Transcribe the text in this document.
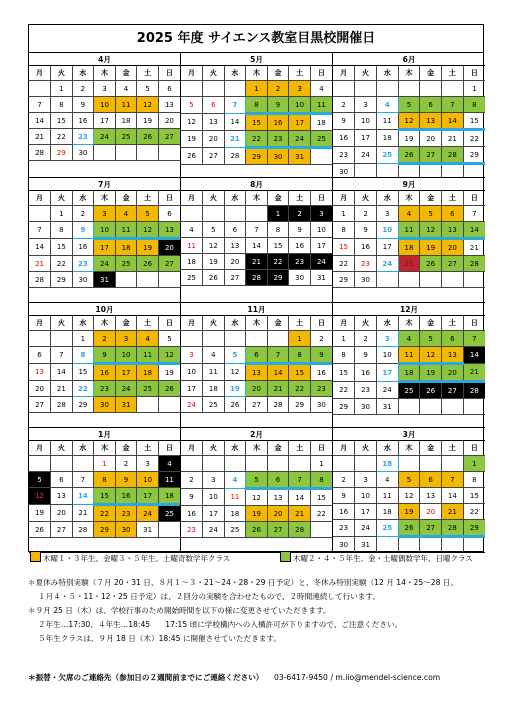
2025 年度 サイエンス教室目黒校開催日
4月
月	火	水	木	金	土	日
	1	2	3	4	5	6
7	8	9	10	11	12	13
14	15	16	17	18	19	20
21	22	23	24	25	26	27
28	29	30				
5月
月	火	水	木	金	土	日
			1	2	3	4
5	6	7	8	9	10	11
12	13	14	15	16	17	18
19	20	21	22	23	24	25
26	27	28	29	30	31	
6月
月	火	水	木	金	土	日
						1
2	3	4	5	6	7	8
9	10	11	12	13	14	15
16	17	18	19	20	21	22
23	24	25	26	27	28	29
30						
7月
月	火	水	木	金	土	日
	1	2	3	4	5	6
7	8	9	10	11	12	13
14	15	16	17	18	19	20
21	22	23	24	25	26	27
28	29	30	31			
8月
月	火	水	木	金	土	日
				1	2	3
4	5	6	7	8	9	10
11	12	13	14	15	16	17
18	19	20	21	22	23	24
25	26	27	28	29	30	31
9月
月	火	水	木	金	土	日
1	2	3	4	5	6	7
8	9	10	11	12	13	14
15	16	17	18	19	20	21
22	23	24	25	26	27	28
29	30					
10月
月	火	水	木	金	土	日
		1	2	3	4	5
6	7	8	9	10	11	12
13	14	15	16	17	18	19
20	21	22	23	24	25	26
27	28	29	30	31		
11月
月	火	水	木	金	土	日
					1	2
3	4	5	6	7	8	9
10	11	12	13	14	15	16
17	18	19	20	21	22	23
24	25	26	27	28	29	30
12月
月	火	水	木	金	土	日
1	2	3	4	5	6	7
8	9	10	11	12	13	14
15	16	17	18	19	20	21
22	23	24	25	26	27	28
29	30	31				
1月
月	火	水	木	金	土	日
			1	2	3	4
5	6	7	8	9	10	11
12	13	14	15	16	17	18
19	20	21	22	23	24	25
26	27	28	29	30	31	
2月
月	火	水	木	金	土	日
						1
2	3	4	5	6	7	8
9	10	11	12	13	14	15
16	17	18	19	20	21	22
23	24	25	26	27	28	
3月
月	火	水	木	金	土	日
		18				1
2	3	4	5	6	7	8
9	10	11	12	13	14	15
16	17	18	19	20	21	22
23	24	25	26	27	28	29
30	31					
木曜１・３年生、金曜３・５年生、土曜奇数学年クラス	木曜２・４・５年生、金・土曜偶数学年、日曜クラス

＊夏休み特別実験（７月 20・31 日、８月１～３・21～24・28・29 日予定）と、冬休み特別実験（12 月 14・25～28 日、

１月４・５・11・12・25 日予定）は、２回分の実験を合わせたもので、２時間連続して行います。

＊９月 25 日（木）は、学校行事のため開始時間を以下の様に変更させていただきます。

２年生…17:30、４年生…18:45　　17:15 頃に学校構内への入構許可が下りますので、ご注意ください。

５年生クラスは、９月 18 日（木）18:45 に開催させていただきます。

＊振替・欠席のご連絡先（参加日の２週間前までにご連絡ください） 03-6417-9450 / m.iio@mendel-science.com
